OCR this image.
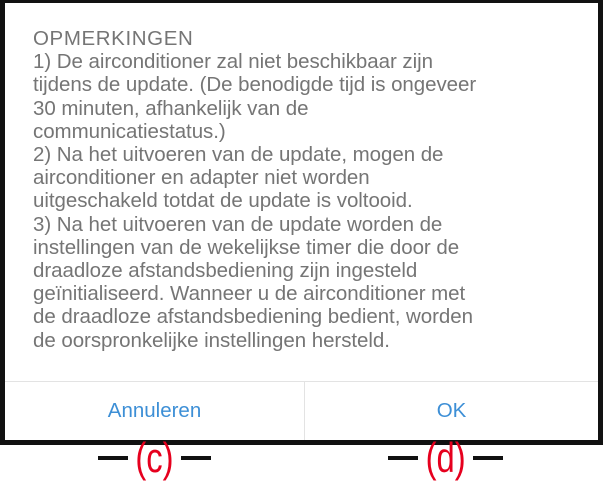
OPMERKINGEN

1) De airconditioner zal niet beschikbaar zijn
tijdens de update. (De benodigde tijd is ongeveer
30 minuten, afhankelijk van de
communicatiestatus.)
2) Na het uitvoeren van de update, mogen de
airconditioner en adapter niet worden
uitgeschakeld totdat de update is voltooid.
3) Na het uitvoeren van de update worden de
instellingen van de wekelijkse timer die door de
draadloze afstandsbediening zijn ingesteld
geïnitialiseerd. Wanneer u de airconditioner met
de draadloze afstandsbediening bedient, worden
de oorspronkelijke instellingen hersteld.

Annuleren	OK
(c)	(d)
